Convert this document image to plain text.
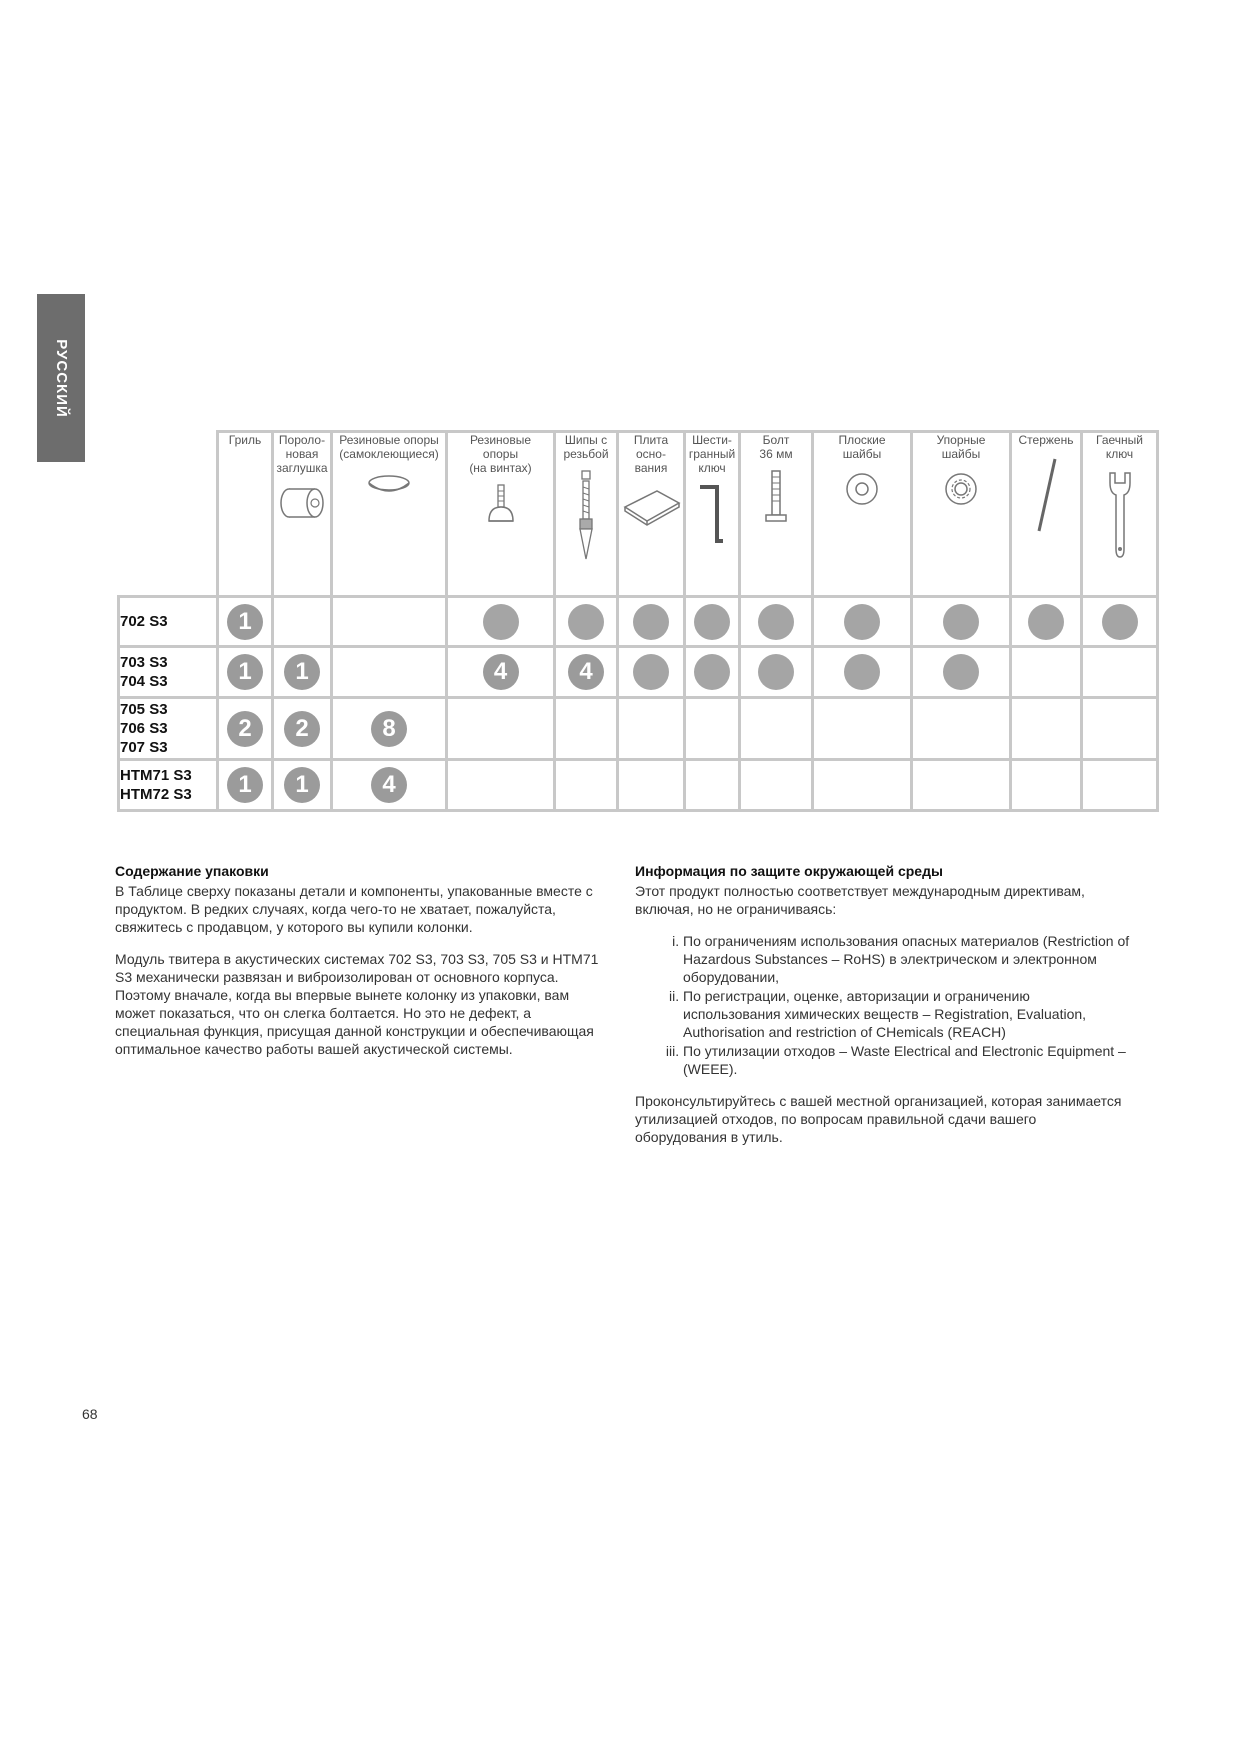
РУССКИЙ

	Гриль	Пороло-
новая
заглушка	Резиновые опоры
(самоклеющиеся)	Резиновые
опоры
(на винтах)	Шипы с
резьбой	Плита
осно-
вания	Шести-
гранный
ключ	Болт
36 мм	Плоские
шайбы	Упорные
шайбы	Стержень	Гаечный
ключ

702 S3	1											
703 S3
704 S3	1	1		4	4							
705 S3
706 S3
707 S3	2	2	8									
HTM71 S3
HTM72 S3	1	1	4									
Содержание упаковки

В Таблице сверху показаны детали и компоненты, упакованные вместе с продуктом. В редких случаях, когда чего-то не хватает, пожалуйста, свяжитесь с продавцом, у которого вы купили колонки.

Модуль твитера в акустических системах 702 S3, 703 S3, 705 S3 и HTM71 S3 механически развязан и виброизолирован от основного корпуса. Поэтому вначале, когда вы впервые вынете колонку из упаковки, вам может показаться, что он слегка болтается. Но это не дефект, а специальная функция, присущая данной конструкции и обеспечивающая оптимальное качество работы вашей акустической системы.

Информация по защите окружающей среды

Этот продукт полностью соответствует международным директивам, включая, но не ограничиваясь:

i. По ограничениям использования опасных материалов (Restriction of Hazardous Substances – RoHS) в электрическом и электронном оборудовании,
ii. По регистрации, оценке, авторизации и ограничению использования химических веществ – Registration, Evaluation, Authorisation and restriction of CHemicals (REACH)
iii. По утилизации отходов – Waste Electrical and Electronic Equipment – (WEEE).

Проконсультируйтесь с вашей местной организацией, которая занимается утилизацией отходов, по вопросам правильной сдачи вашего оборудования в утиль.

68
